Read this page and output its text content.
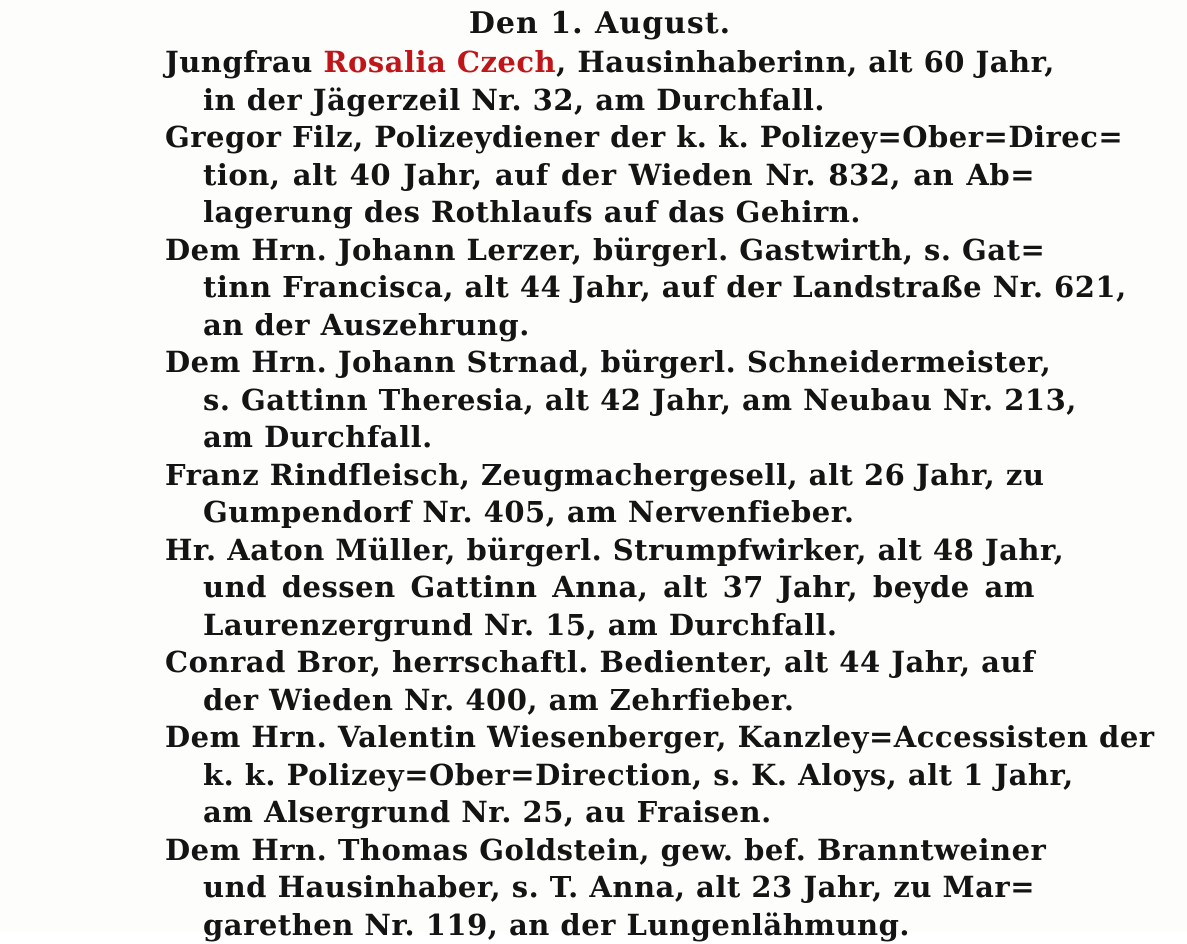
Den 1. August.
Jungfrau Rosalia Czech, Hausinhaberinn, alt 60 Jahr,
in der Jägerzeil Nr. 32, am Durchfall.
Gregor Filz, Polizeydiener der k. k. Polizey=Ober=Direc=
tion, alt 40 Jahr, auf der Wieden Nr. 832, an Ab=
lagerung des Rothlaufs auf das Gehirn.
Dem Hrn. Johann Lerzer, bürgerl. Gastwirth, s. Gat=
tinn Francisca, alt 44 Jahr, auf der Landstraße Nr. 621,
an der Auszehrung.
Dem Hrn. Johann Strnad, bürgerl. Schneidermeister,
s. Gattinn Theresia, alt 42 Jahr, am Neubau Nr. 213,
am Durchfall.
Franz Rindfleisch, Zeugmachergesell, alt 26 Jahr, zu
Gumpendorf Nr. 405, am Nervenfieber.
Hr. Aaton Müller, bürgerl. Strumpfwirker, alt 48 Jahr,
und dessen Gattinn Anna, alt 37 Jahr, beyde am
Laurenzergrund Nr. 15, am Durchfall.
Conrad Bror, herrschaftl. Bedienter, alt 44 Jahr, auf
der Wieden Nr. 400, am Zehrfieber.
Dem Hrn. Valentin Wiesenberger, Kanzley=Accessisten der
k. k. Polizey=Ober=Direction, s. K. Aloys, alt 1 Jahr,
am Alsergrund Nr. 25, au Fraisen.
Dem Hrn. Thomas Goldstein, gew. bef. Branntweiner
und Hausinhaber, s. T. Anna, alt 23 Jahr, zu Mar=
garethen Nr. 119, an der Lungenlähmung.
